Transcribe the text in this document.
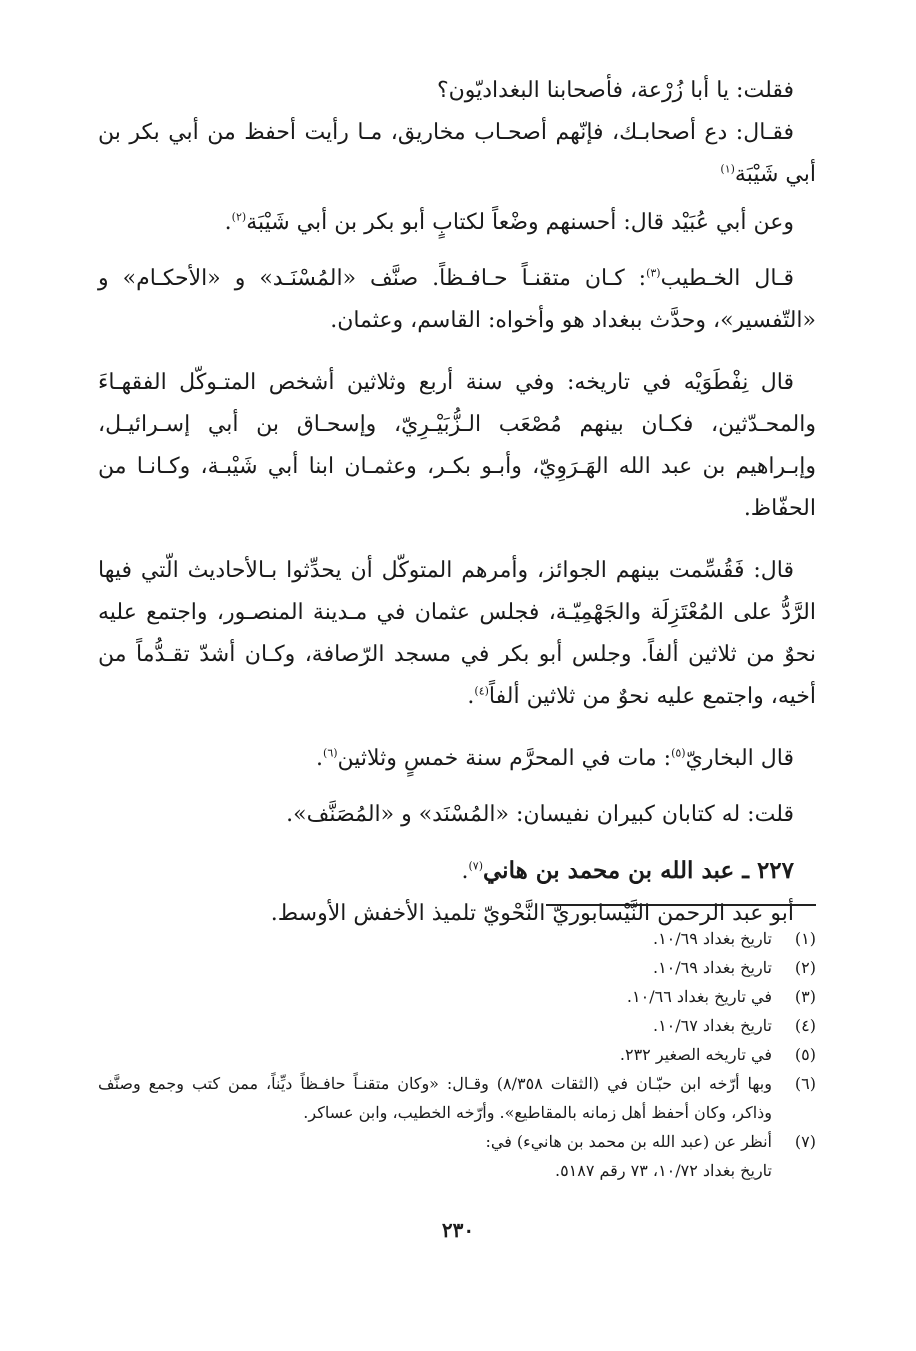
فقلت: يا أبا زُرْعة، فأصحابنا البغداديّون؟

فقـال: دع أصحابـك، فإنّهم أصحـاب مخاريق، مـا رأيت أحفظ من أبي بكر بن أبي شَيْبَة$^{(١)}$

وعن أبي عُبَيْد قال: أحسنهم وضْعاً لكتابٍ أبو بكر بن أبي شَيْبَة$^{(٢)}$.

قـال الخـطيب$^{(٣)}$: كـان متقنـاً حـافـظاً. صنَّف «المُسْنَـد» و «الأحكـام» و «التّفسير»، وحدَّث ببغداد هو وأخواه: القاسم، وعثمان.

قال نِفْطَوَيْه في تاريخه: وفي سنة أربع وثلاثين أشخص المتـوكّل الفقهـاءَ والمحـدّثين، فكـان بينهم مُصْعَب الـزُّبَيْـرِيّ، وإسحـاق بن أبي إسـرائيـل، وإبـراهيم بن عبد الله الهَـرَوِيّ، وأبـو بكـر، وعثمـان ابنا أبي شَيْبـة، وكـانـا من الحفّاظ.

قال: فَقُسِّمت بينهم الجوائز، وأمرهم المتوكّل أن يحدِّثوا بـالأحاديث الّتي فيها الرَّدُّ على المُعْتَزِلَة والجَهْمِيّـة، فجلس عثمان في مـدينة المنصـور، واجتمع عليه نحوٌ من ثلاثين ألفاً. وجلس أبو بكر في مسجد الرّصافة، وكـان أشدّ تقـدُّماً من أخيه، واجتمع عليه نحوٌ من ثلاثين ألفاً$^{(٤)}$.

قال البخاريّ$^{(٥)}$: مات في المحرَّم سنة خمسٍ وثلاثين$^{(٦)}$.

قلت: له كتابان كبيران نفيسان: «المُسْنَد» و «المُصَنَّف».

٢٢٧ ـ عبد الله بن محمد بن هاني$^{(٧)}$.

أبو عبد الرحمن النَّيْسابوريّ النَّحْويّ تلميذ الأخفش الأوسط.

(١)
تاريخ بغداد ١٠/٦٩.
(٢)
تاريخ بغداد ١٠/٦٩.
(٣)
في تاريخ بغداد ١٠/٦٦.
(٤)
تاريخ بغداد ١٠/٦٧.
(٥)
في تاريخه الصغير ٢٣٢.
(٦)
وبها أرّخه ابن حبّـان في (الثقات ٨/٣٥٨) وقـال: «وكان متقنـاً حافـظاً ديِّناً، ممن كتب وجمع وصنَّف وذاكر، وكان أحفظ أهل زمانه بالمقاطيع». وأرّخه الخطيب، وابن عساكر.
(٧)
أنظر عن (عبد الله بن محمد بن هانيء) في:
تاريخ بغداد ١٠/٧٢، ٧٣ رقم ٥١٨٧.
٢٣٠
